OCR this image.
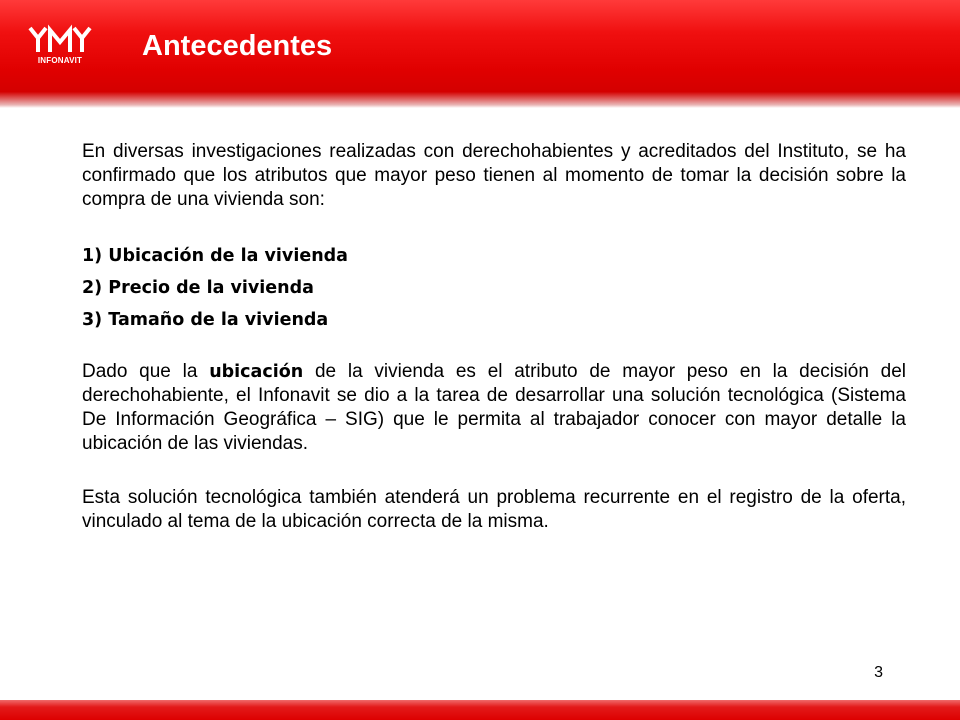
INFONAVIT	Antecedentes

En diversas investigaciones realizadas con derechohabientes y acreditados del Instituto, se ha confirmado que los atributos que mayor peso tienen al momento de tomar la decisión sobre la compra de una vivienda son:

1) Ubicación de la vivienda
2) Precio de la vivienda
3) Tamaño de la vivienda

Dado que la ubicación de la vivienda es el atributo de mayor peso en la decisión del derechohabiente, el Infonavit se dio a la tarea de desarrollar una solución tecnológica (Sistema De Información Geográfica – SIG) que le permita al trabajador conocer con mayor detalle la ubicación de las viviendas.

Esta solución tecnológica también atenderá un problema recurrente en el registro de la oferta, vinculado al tema de la ubicación correcta de la misma.

3
